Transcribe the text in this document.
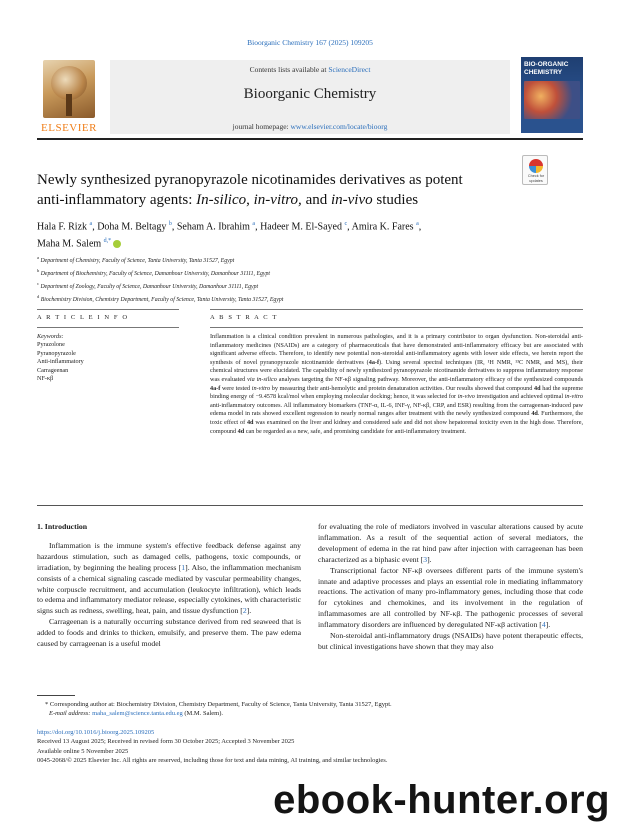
Bioorganic Chemistry 167 (2025) 109205
ELSEVIER
Contents lists available at ScienceDirect
Bioorganic Chemistry
journal homepage: www.elsevier.com/locate/bioorg
BIO-ORGANIC CHEMISTRY
Newly synthesized pyranopyrazole nicotinamides derivatives as potent
anti-inflammatory agents: In-silico, in-vitro, and in-vivo studies
Check for updates
Hala F. Rizk $^a$, Doha M. Beltagy $^b$, Seham A. Ibrahim $^a$, Hadeer M. El-Sayed $^c$, Amira K. Fares $^a$,
Maha M. Salem $^{d,*}$
$^a$ Department of Chemistry, Faculty of Science, Tanta University, Tanta 31527, Egypt
$^b$ Department of Biochemistry, Faculty of Science, Damanhour University, Damanhour 31111, Egypt
$^c$ Department of Zoology, Faculty of Science, Damanhour University, Damanhour 31111, Egypt
$^d$ Biochemistry Division, Chemistry Department, Faculty of Science, Tanta University, Tanta 31527, Egypt
A R T I C L E I N F O	A B S T R A C T
Keywords:
Pyrazolone
Pyranopyrazole
Anti-inflammatory
Carrageenan
NF-κβ
Inflammation is a clinical condition prevalent in numerous pathologies, and it is a primary contributor to organ dysfunction. Non-steroidal anti-inflammatory medicines (NSAIDs) are a category of pharmaceuticals that have demonstrated anti-inflammatory efficacy but are associated with significant adverse effects. Therefore, to identify new potential non-steroidal anti-inflammatory agents with lower side effects, we herein report the synthesis of novel pyranopyrazole nicotinamide derivatives (4a-f). Using several spectral techniques (IR, ¹H NMR, ¹³C NMR, and MS), their chemical structures were elucidated. The capability of newly synthesized pyranopyrazole nicotinamide derivatives to suppress inflammatory response was evaluated via in-silico analyses targeting the NF-κβ signaling pathway. Moreover, the anti-inflammatory efficacy of the synthesized compounds 4a-f were tested in-vitro by measuring their anti-hemolytic and protein denaturation activities. Our results showed that compound 4d had the supreme binding energy of −9.4578 kcal/mol when employing molecular docking; hence, it was selected for in-vivo investigation and achieved optimal in-vitro anti-inflammatory outcomes. All inflammatory biomarkers (TNF-α, IL-6, INF-γ, NF-κβ, CRP, and ESR) resulting from the carrageenan-induced paw edema model in rats showed excellent regression to nearly normal ranges after treatment with the newly synthesized compound 4d. Furthermore, the toxic effect of 4d was examined on the liver and kidney and considered safe and did not show hepatorenal toxicity even in the high dose. Therefore, compound 4d can be regarded as a new, safe, and promising candidate for anti-inflammatory treatment.

1. Introduction

Inflammation is the immune system's effective feedback defense against any hazardous stimulation, such as damaged cells, pathogens, toxic compounds, or irradiation, by beginning the healing process [1]. Also, the inflammation mechanism consists of a chemical signaling cascade mediated by vascular permeability changes, white corpuscle recruitment, and accumulation (leukocyte infiltration), which leads to edema and inflammatory mediator release, especially cytokines, with characteristic signs such as redness, swelling, heat, pain, and tissue dysfunction [2].

Carrageenan is a naturally occurring substance derived from red seaweed that is added to foods and drinks to thicken, emulsify, and preserve them. The paw edema caused by carrageenan is a useful model

for evaluating the role of mediators involved in vascular alterations caused by acute inflammation. As a result of the sequential action of several mediators, the development of edema in the rat hind paw after injection with carrageenan has been characterized as a biphasic event [3].

Transcriptional factor NF-κβ oversees different parts of the immune system's innate and adaptive processes and plays an essential role in mediating inflammatory reactions. The activation of many pro-inflammatory genes, including those that code for cytokines and chemokines, and its involvement in the regulation of inflammasomes are all controlled by NF-κβ. The pathogenic processes of several inflammatory disorders are influenced by deregulated NF-κβ activation [4].

Non-steroidal anti-inflammatory drugs (NSAIDs) have potent therapeutic effects, but clinical investigations have shown that they may also

* Corresponding author at: Biochemistry Division, Chemistry Department, Faculty of Science, Tanta University, Tanta 31527, Egypt.
E-mail address: maha_salem@science.tanta.edu.eg (M.M. Salem).
https://doi.org/10.1016/j.bioorg.2025.109205
Received 13 August 2025; Received in revised form 30 October 2025; Accepted 3 November 2025
Available online 5 November 2025
0045-2068/© 2025 Elsevier Inc. All rights are reserved, including those for text and data mining, AI training, and similar technologies.
ebook-hunter.org
